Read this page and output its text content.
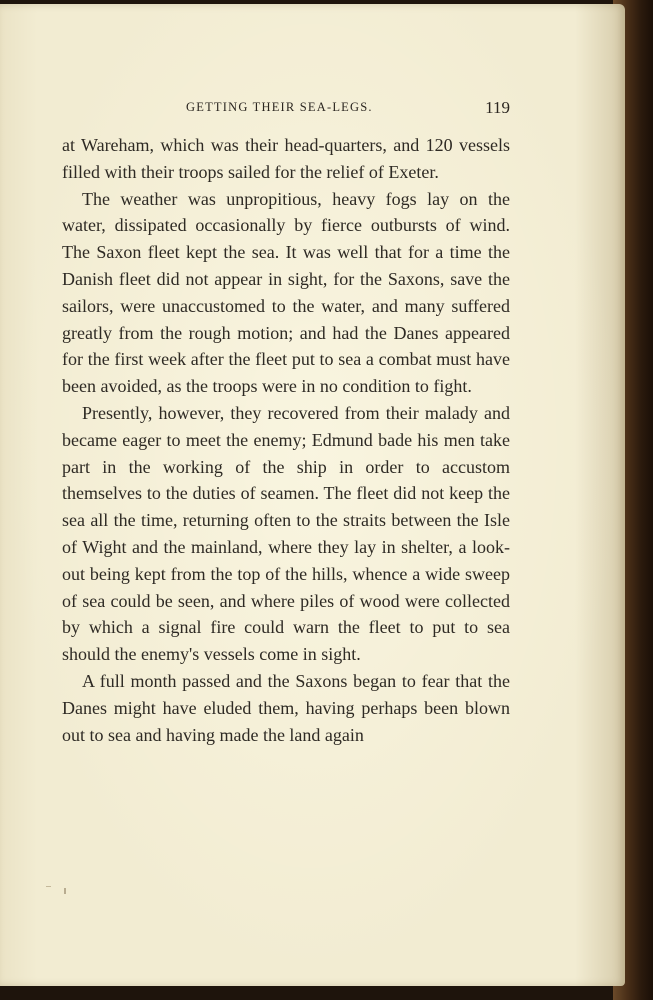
GETTING THEIR SEA-LEGS.	119

at Wareham, which was their head-quarters, and 120 vessels filled with their troops sailed for the relief of Exeter.

The weather was unpropitious, heavy fogs lay on the water, dissipated occasionally by fierce outbursts of wind. The Saxon fleet kept the sea. It was well that for a time the Danish fleet did not appear in sight, for the Saxons, save the sailors, were unaccustomed to the water, and many suffered greatly from the rough motion; and had the Danes appeared for the first week after the fleet put to sea a combat must have been avoided, as the troops were in no condition to fight.

Presently, however, they recovered from their malady and became eager to meet the enemy; Edmund bade his men take part in the working of the ship in order to accustom themselves to the duties of seamen. The fleet did not keep the sea all the time, returning often to the straits between the Isle of Wight and the mainland, where they lay in shelter, a look-out being kept from the top of the hills, whence a wide sweep of sea could be seen, and where piles of wood were collected by which a signal fire could warn the fleet to put to sea should the enemy's vessels come in sight.

A full month passed and the Saxons began to fear that the Danes might have eluded them, having perhaps been blown out to sea and having made the land again
